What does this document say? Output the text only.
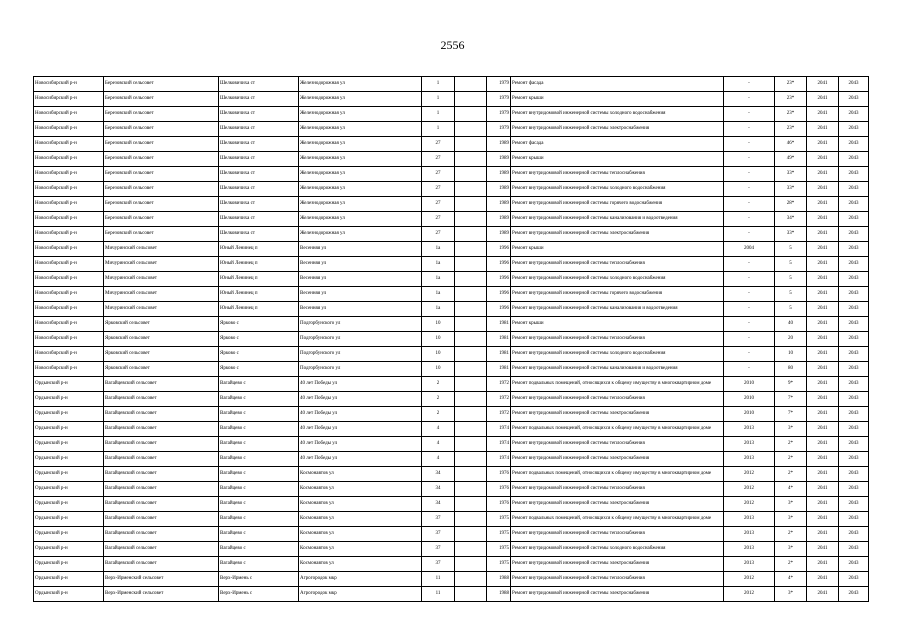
2556
Новосибирский р-н	Березовский сельсовет	Шелковичиха ст	Железнодорожная ул	1		1979	Ремонт фасада	-	23*	2041	2043
Новосибирский р-н	Березовский сельсовет	Шелковичиха ст	Железнодорожная ул	1		1979	Ремонт крыши	-	23*	2041	2043
Новосибирский р-н	Березовский сельсовет	Шелковичиха ст	Железнодорожная ул	1		1979	Ремонт внутридомовой инженерной системы холодного водоснабжения	-	23*	2041	2043
Новосибирский р-н	Березовский сельсовет	Шелковичиха ст	Железнодорожная ул	1		1979	Ремонт внутридомовой инженерной системы электроснабжения	-	23*	2041	2043
Новосибирский р-н	Березовский сельсовет	Шелковичиха ст	Железнодорожная ул	27		1989	Ремонт фасада	-	46*	2041	2043
Новосибирский р-н	Березовский сельсовет	Шелковичиха ст	Железнодорожная ул	27		1989	Ремонт крыши	-	49*	2041	2043
Новосибирский р-н	Березовский сельсовет	Шелковичиха ст	Железнодорожная ул	27		1989	Ремонт внутридомовой инженерной системы теплоснабжения	-	33*	2041	2043
Новосибирский р-н	Березовский сельсовет	Шелковичиха ст	Железнодорожная ул	27		1989	Ремонт внутридомовой инженерной системы холодного водоснабжения	-	33*	2041	2043
Новосибирский р-н	Березовский сельсовет	Шелковичиха ст	Железнодорожная ул	27		1989	Ремонт внутридомовой инженерной системы горячего водоснабжения	-	28*	2041	2043
Новосибирский р-н	Березовский сельсовет	Шелковичиха ст	Железнодорожная ул	27		1989	Ремонт внутридомовой инженерной системы канализования и водоотведения	-	34*	2041	2043
Новосибирский р-н	Березовский сельсовет	Шелковичиха ст	Железнодорожная ул	27		1989	Ремонт внутридомовой инженерной системы электроснабжения	-	33*	2041	2043
Новосибирский р-н	Мичуринский сельсовет	Юный Ленинец п	Весенняя ул	1а		1996	Ремонт крыши	2004	5	2041	2043
Новосибирский р-н	Мичуринский сельсовет	Юный Ленинец п	Весенняя ул	1а		1996	Ремонт внутридомовой инженерной системы теплоснабжения	-	5	2041	2043
Новосибирский р-н	Мичуринский сельсовет	Юный Ленинец п	Весенняя ул	1а		1996	Ремонт внутридомовой инженерной системы холодного водоснабжения	-	5	2041	2043
Новосибирский р-н	Мичуринский сельсовет	Юный Ленинец п	Весенняя ул	1а		1996	Ремонт внутридомовой инженерной системы горячего водоснабжения	-	5	2041	2043
Новосибирский р-н	Мичуринский сельсовет	Юный Ленинец п	Весенняя ул	1а		1996	Ремонт внутридомовой инженерной системы канализования и водоотведения	-	5	2041	2043
Новосибирский р-н	Ярковский сельсовет	Ярково с	Подгорбунского ул	10		1981	Ремонт крыши	-	40	2041	2043
Новосибирский р-н	Ярковский сельсовет	Ярково с	Подгорбунского ул	10		1981	Ремонт внутридомовой инженерной системы теплоснабжения	-	20	2041	2043
Новосибирский р-н	Ярковский сельсовет	Ярково с	Подгорбунского ул	10		1981	Ремонт внутридомовой инженерной системы холодного водоснабжения	-	10	2041	2043
Новосибирский р-н	Ярковский сельсовет	Ярково с	Подгорбунского ул	10		1981	Ремонт внутридомовой инженерной системы канализования и водоотведения	-	80	2041	2043
Ордынский р-н	Вагайцевский сельсовет	Вагайцево с	40 лет Победы ул	2		1972	Ремонт подвальных помещений, относящихся к общему имуществу в многоквартирном доме	2010	9*	2041	2043
Ордынский р-н	Вагайцевский сельсовет	Вагайцево с	40 лет Победы ул	2		1972	Ремонт внутридомовой инженерной системы теплоснабжения	2010	7*	2041	2043
Ордынский р-н	Вагайцевский сельсовет	Вагайцево с	40 лет Победы ул	2		1972	Ремонт внутридомовой инженерной системы электроснабжения	2010	7*	2041	2043
Ордынский р-н	Вагайцевский сельсовет	Вагайцево с	40 лет Победы ул	4		1974	Ремонт подвальных помещений, относящихся к общему имуществу в многоквартирном доме	2013	3*	2041	2043
Ордынский р-н	Вагайцевский сельсовет	Вагайцево с	40 лет Победы ул	4		1974	Ремонт внутридомовой инженерной системы теплоснабжения	2013	2*	2041	2043
Ордынский р-н	Вагайцевский сельсовет	Вагайцево с	40 лет Победы ул	4		1974	Ремонт внутридомовой инженерной системы электроснабжения	2013	2*	2041	2043
Ордынский р-н	Вагайцевский сельсовет	Вагайцево с	Космонавтов ул	34		1976	Ремонт подвальных помещений, относящихся к общему имуществу в многоквартирном доме	2012	2*	2041	2043
Ордынский р-н	Вагайцевский сельсовет	Вагайцево с	Космонавтов ул	34		1976	Ремонт внутридомовой инженерной системы теплоснабжения	2012	4*	2041	2043
Ордынский р-н	Вагайцевский сельсовет	Вагайцево с	Космонавтов ул	34		1976	Ремонт внутридомовой инженерной системы электроснабжения	2012	3*	2041	2043
Ордынский р-н	Вагайцевский сельсовет	Вагайцево с	Космонавтов ул	37		1975	Ремонт подвальных помещений, относящихся к общему имуществу в многоквартирном доме	2013	3*	2041	2043
Ордынский р-н	Вагайцевский сельсовет	Вагайцево с	Космонавтов ул	37		1975	Ремонт внутридомовой инженерной системы теплоснабжения	2013	2*	2041	2043
Ордынский р-н	Вагайцевский сельсовет	Вагайцево с	Космонавтов ул	37		1975	Ремонт внутридомовой инженерной системы холодного водоснабжения	2013	3*	2041	2043
Ордынский р-н	Вагайцевский сельсовет	Вагайцево с	Космонавтов ул	37		1975	Ремонт внутридомовой инженерной системы электроснабжения	2013	2*	2041	2043
Ордынский р-н	Верх-Ирменский сельсовет	Верх-Ирмень с	Агрогородок мкр	11		1988	Ремонт внутридомовой инженерной системы теплоснабжения	2012	4*	2041	2043
Ордынский р-н	Верх-Ирменский сельсовет	Верх-Ирмень с	Агрогородок мкр	11		1988	Ремонт внутридомовой инженерной системы электроснабжения	2012	3*	2041	2043
